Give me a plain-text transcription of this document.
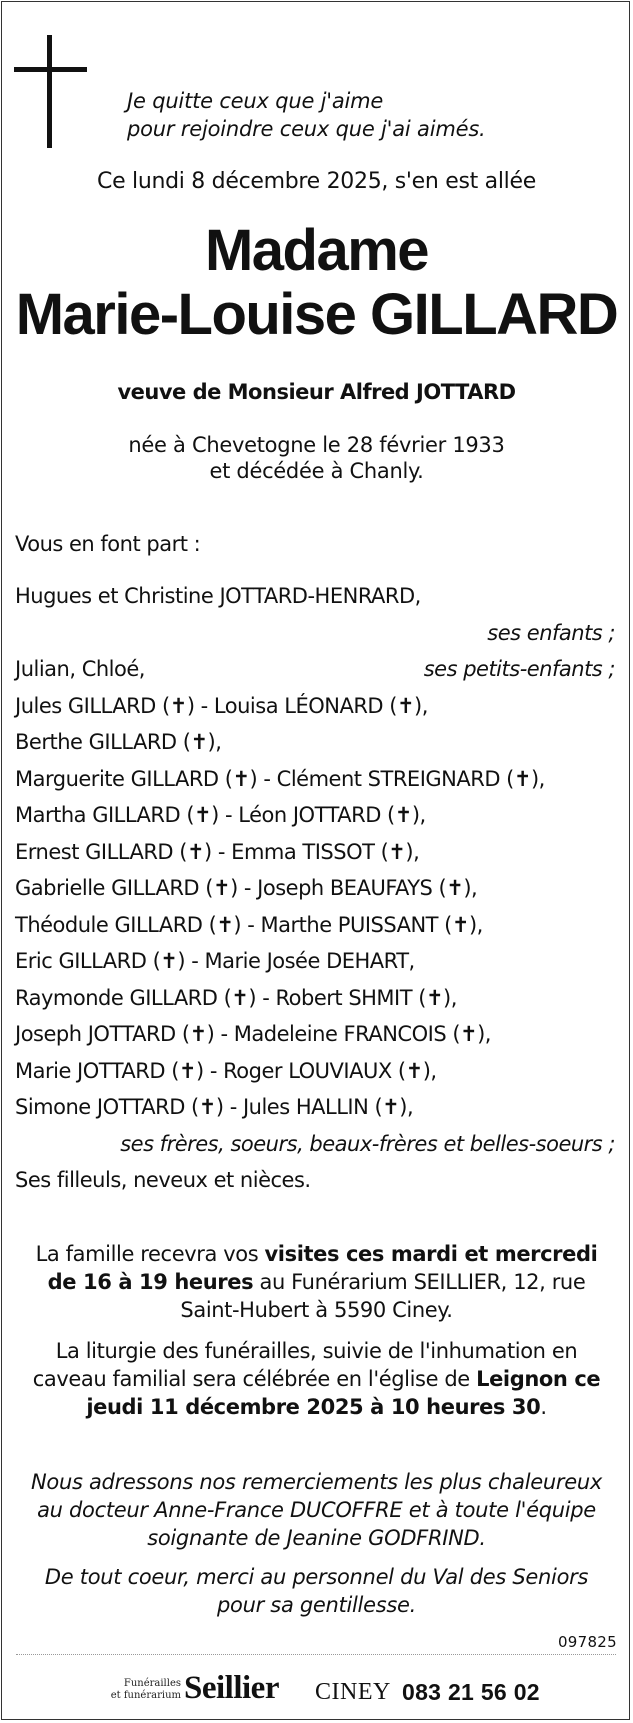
Je quitte ceux que j'aime
pour rejoindre ceux que j'ai aimés.
Ce lundi 8 décembre 2025, s'en est allée
Madame
Marie-Louise GILLARD
veuve de Monsieur Alfred JOTTARD
née à Chevetogne le 28 février 1933
et décédée à Chanly.
Vous en font part :
Hugues et Christine JOTTARD-HENRARD,
ses enfants ;
Julian, Chloé,	ses petits-enfants ;
Jules GILLARD (✝) - Louisa LÉONARD (✝),
Berthe GILLARD (✝),
Marguerite GILLARD (✝) - Clément STREIGNARD (✝),
Martha GILLARD (✝) - Léon JOTTARD (✝),
Ernest GILLARD (✝) - Emma TISSOT (✝),
Gabrielle GILLARD (✝) - Joseph BEAUFAYS (✝),
Théodule GILLARD (✝) - Marthe PUISSANT (✝),
Eric GILLARD (✝) - Marie Josée DEHART,
Raymonde GILLARD (✝) - Robert SHMIT (✝),
Joseph JOTTARD (✝) - Madeleine FRANCOIS (✝),
Marie JOTTARD (✝) - Roger LOUVIAUX (✝),
Simone JOTTARD (✝) - Jules HALLIN (✝),
ses frères, soeurs, beaux-frères et belles-soeurs ;
Ses filleuls, neveux et nièces.
La famille recevra vos visites ces mardi et mercredi de 16 à 19 heures au Funérarium SEILLIER, 12, rue Saint-Hubert à 5590 Ciney.
La liturgie des funérailles, suivie de l'inhumation en caveau familial sera célébrée en l'église de Leignon ce jeudi 11 décembre 2025 à 10 heures 30.
Nous adressons nos remerciements les plus chaleureux au docteur Anne-France DUCOFFRE et à toute l'équipe soignante de Jeanine GODFRIND.
De tout coeur, merci au personnel du Val des Seniors pour sa gentillesse.
097825
Funérailles
et funérarium Seillier CINEY 083 21 56 02
